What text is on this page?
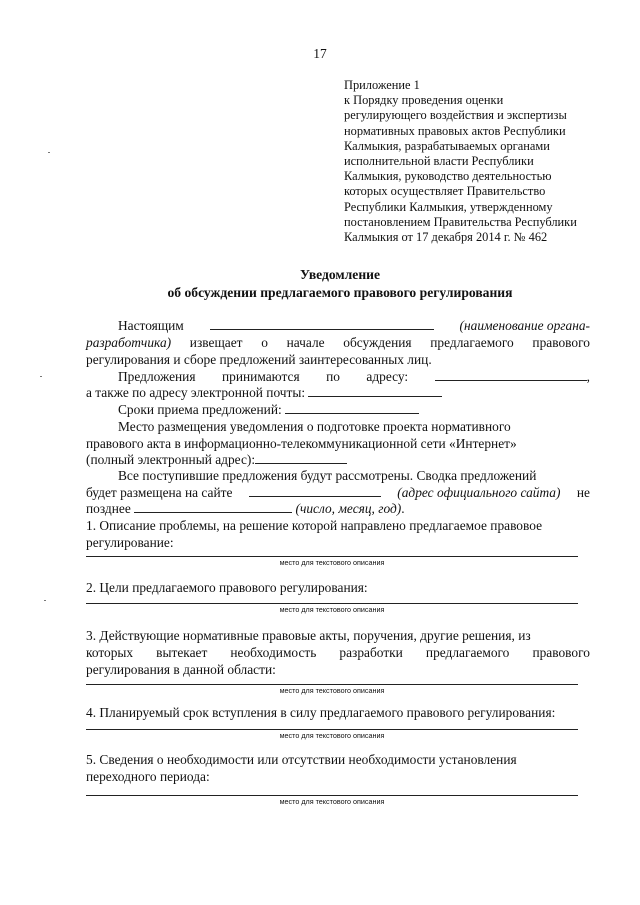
17
Приложение 1
к Порядку проведения оценки
регулирующего воздействия и экспертизы
нормативных правовых актов Республики
Калмыкия, разрабатываемых органами
исполнительной власти Республики
Калмыкия, руководство деятельностью
которых осуществляет Правительство
Республики Калмыкия, утвержденному
постановлением Правительства Республики
Калмыкия от 17 декабря 2014 г. № 462
Уведомление
об обсуждении предлагаемого правового регулирования
Настоящим	(наименование органа-
разработчика) извещает о начале обсуждения предлагаемого правового
регулирования и сборе предложений заинтересованных лиц.
Предложения принимаются по адресу:	,
а также по адресу электронной почты:
Сроки приема предложений:
Место размещения уведомления о подготовке проекта нормативного
правового акта в информационно-телекоммуникационной сети «Интернет»
(полный электронный адрес):
Все поступившие предложения будут рассмотрены. Сводка предложений
будет размещена на сайте	(адрес официального сайта) не
позднее	(число, месяц, год).
1. Описание проблемы, на решение которой направлено предлагаемое правовое
регулирование:
место для текстового описания
2. Цели предлагаемого правового регулирования:
место для текстового описания
3. Действующие нормативные правовые акты, поручения, другие решения, из
которых вытекает необходимость разработки предлагаемого правового
регулирования в данной области:
место для текстового описания
4. Планируемый срок вступления в силу предлагаемого правового регулирования:
место для текстового описания
5. Сведения о необходимости или отсутствии необходимости установления
переходного периода:
место для текстового описания
